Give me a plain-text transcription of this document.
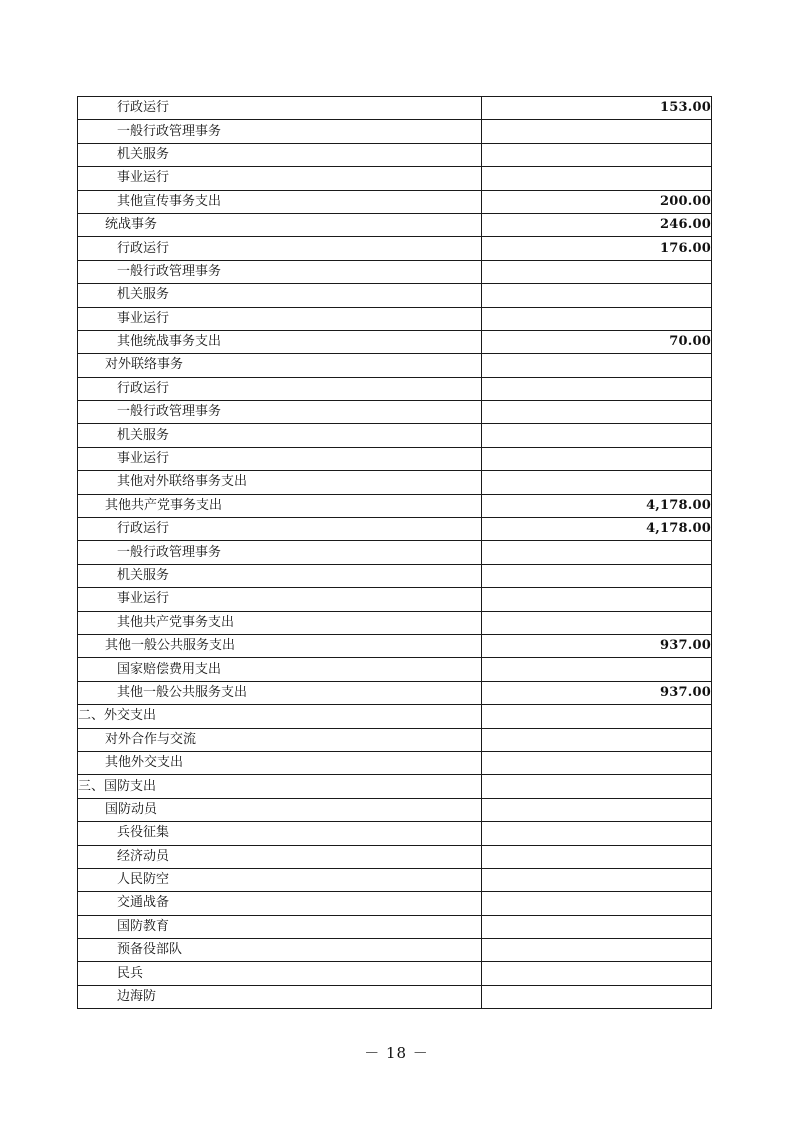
行政运行	153.00
一般行政管理事务	
机关服务	
事业运行	
其他宣传事务支出	200.00
统战事务	246.00
行政运行	176.00
一般行政管理事务	
机关服务	
事业运行	
其他统战事务支出	70.00
对外联络事务	
行政运行	
一般行政管理事务	
机关服务	
事业运行	
其他对外联络事务支出	
其他共产党事务支出	4,178.00
行政运行	4,178.00
一般行政管理事务	
机关服务	
事业运行	
其他共产党事务支出	
其他一般公共服务支出	937.00
国家赔偿费用支出	
其他一般公共服务支出	937.00
二、外交支出	
对外合作与交流	
其他外交支出	
三、国防支出	
国防动员	
兵役征集	
经济动员	
人民防空	
交通战备	
国防教育	
预备役部队	
民兵	
边海防	
－ 18 －
